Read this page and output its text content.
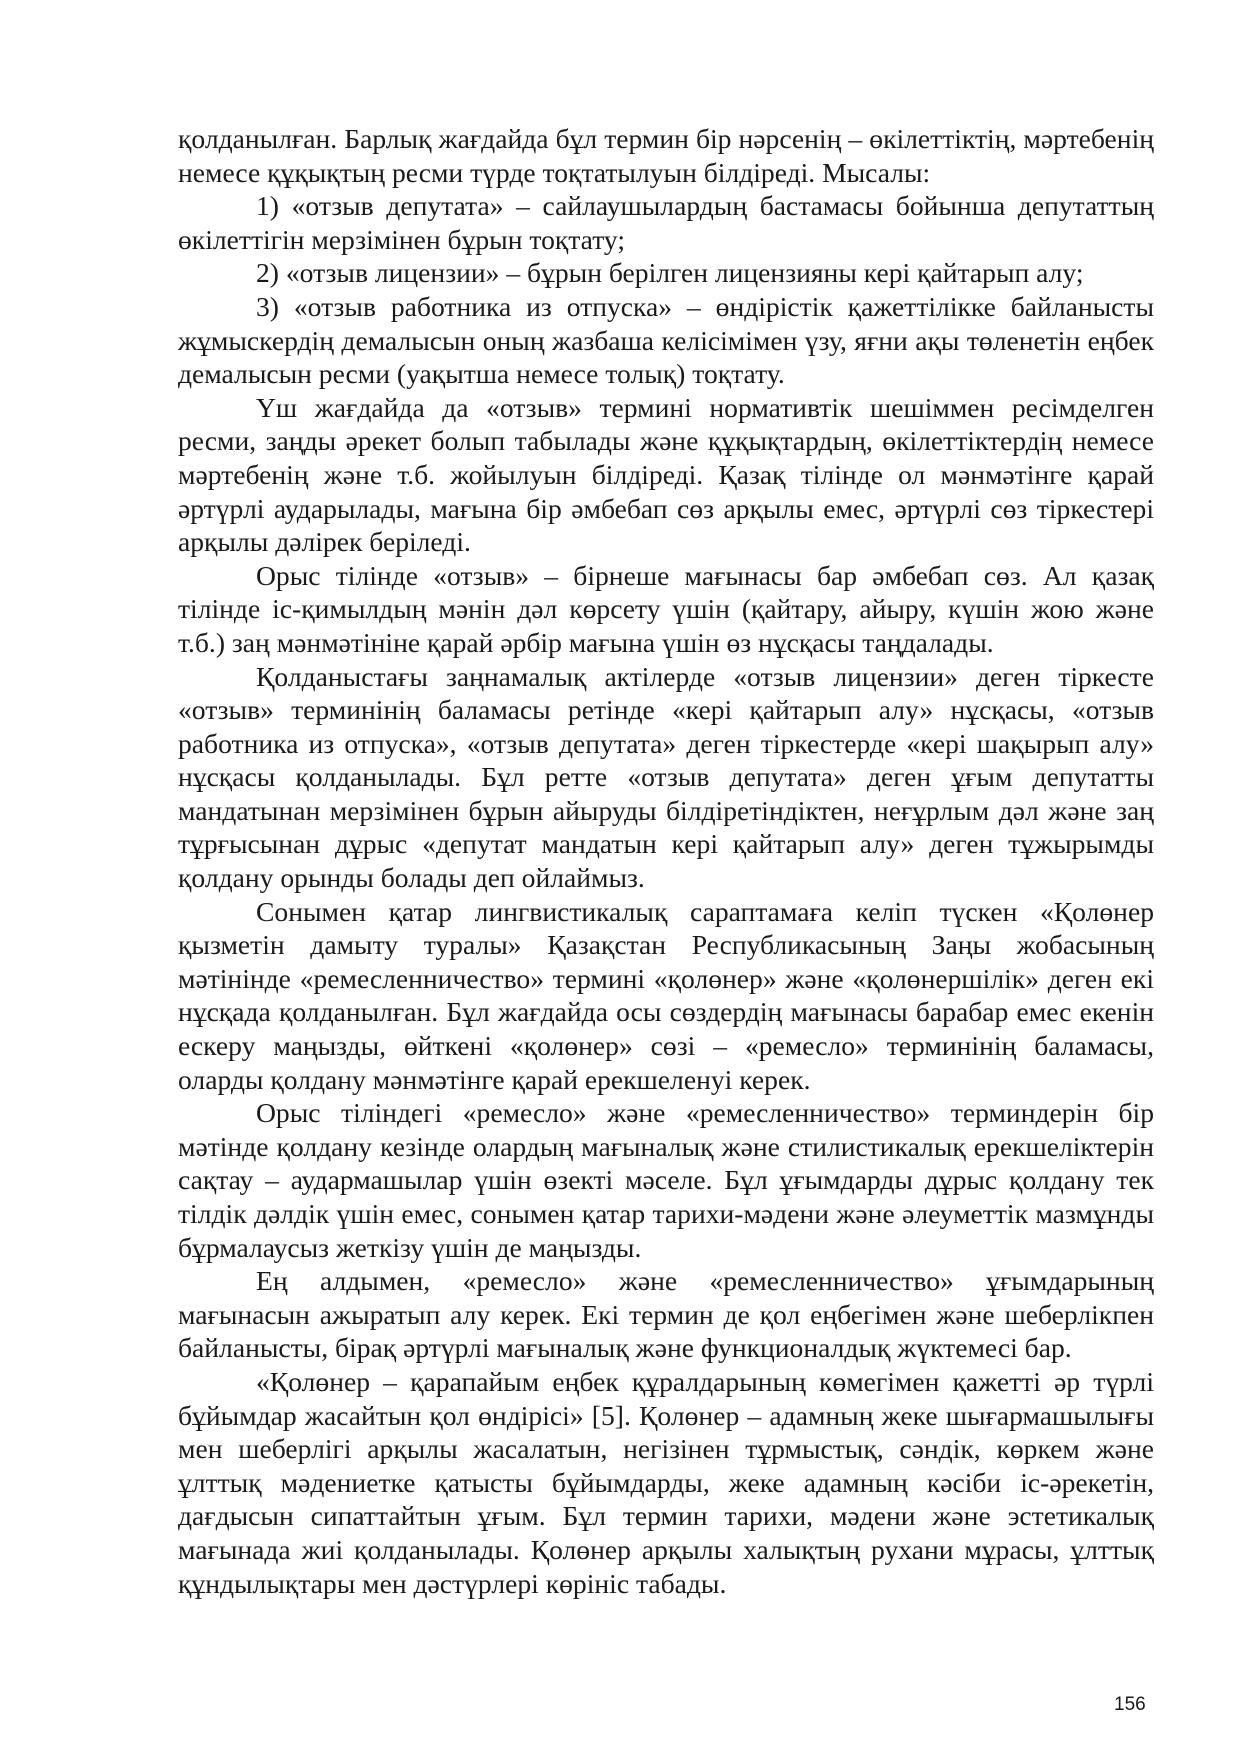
қолданылған. Барлық жағдайда бұл термин бір нәрсенің – өкілеттіктің, мәртебенің немесе құқықтың ресми түрде тоқтатылуын білдіреді. Мысалы:

1) «отзыв депутата» – сайлаушылардың бастамасы бойынша депутаттың өкілеттігін мерзімінен бұрын тоқтату;

2) «отзыв лицензии» – бұрын берілген лицензияны кері қайтарып алу;

3) «отзыв работника из отпуска» – өндірістік қажеттілікке байланысты жұмыскердің демалысын оның жазбаша келісімімен үзу, яғни ақы төленетін еңбек демалысын ресми (уақытша немесе толық) тоқтату.

Үш жағдайда да «отзыв» термині нормативтік шешіммен ресімделген ресми, заңды әрекет болып табылады және құқықтардың, өкілеттіктердің немесе мәртебенің және т.б. жойылуын білдіреді. Қазақ тілінде ол мәнмәтінге қарай әртүрлі аударылады, мағына бір әмбебап сөз арқылы емес, әртүрлі сөз тіркестері арқылы дәлірек беріледі.

Орыс тілінде «отзыв» – бірнеше мағынасы бар әмбебап сөз. Ал қазақ тілінде іс-қимылдың мәнін дәл көрсету үшін (қайтару, айыру, күшін жою және т.б.) заң мәнмәтініне қарай әрбір мағына үшін өз нұсқасы таңдалады.

Қолданыстағы заңнамалық актілерде «отзыв лицензии» деген тіркесте «отзыв» терминінің баламасы ретінде «кері қайтарып алу» нұсқасы, «отзыв работника из отпуска», «отзыв депутата» деген тіркестерде «кері шақырып алу» нұсқасы қолданылады. Бұл ретте «отзыв депутата» деген ұғым депутатты мандатынан мерзімінен бұрын айыруды білдіретіндіктен, неғұрлым дәл және заң тұрғысынан дұрыс «депутат мандатын кері қайтарып алу» деген тұжырымды қолдану орынды болады деп ойлаймыз.

Сонымен қатар лингвистикалық сараптамаға келіп түскен «Қолөнер қызметін дамыту туралы» Қазақстан Республикасының Заңы жобасының мәтінінде «ремесленничество» термині «қолөнер» және «қолөнершілік» деген екі нұсқада қолданылған. Бұл жағдайда осы сөздердің мағынасы барабар емес екенін ескеру маңызды, өйткені «қолөнер» сөзі – «ремесло» терминінің баламасы, оларды қолдану мәнмәтінге қарай ерекшеленуі керек.

Орыс тіліндегі «ремесло» және «ремесленничество» терминдерін бір мәтінде қолдану кезінде олардың мағыналық және стилистикалық ерекшеліктерін сақтау – аудармашылар үшін өзекті мәселе. Бұл ұғымдарды дұрыс қолдану тек тілдік дәлдік үшін емес, сонымен қатар тарихи-мәдени және әлеуметтік мазмұнды бұрмалаусыз жеткізу үшін де маңызды.

Ең алдымен, «ремесло» және «ремесленничество» ұғымдарының мағынасын ажыратып алу керек. Екі термин де қол еңбегімен және шеберлікпен байланысты, бірақ әртүрлі мағыналық және функционалдық жүктемесі бар.

«Қолөнер – қарапайым еңбек құралдарының көмегімен қажетті әр түрлі бұйымдар жасайтын қол өндірісі» [5]. Қолөнер – адамның жеке шығармашылығы мен шеберлігі арқылы жасалатын, негізінен тұрмыстық, сәндік, көркем және ұлттық мәдениетке қатысты бұйымдарды, жеке адамның кәсіби іс-әрекетін, дағдысын сипаттайтын ұғым. Бұл термин тарихи, мәдени және эстетикалық мағынада жиі қолданылады. Қолөнер арқылы халықтың рухани мұрасы, ұлттық құндылықтары мен дәстүрлері көрініс табады.

156
